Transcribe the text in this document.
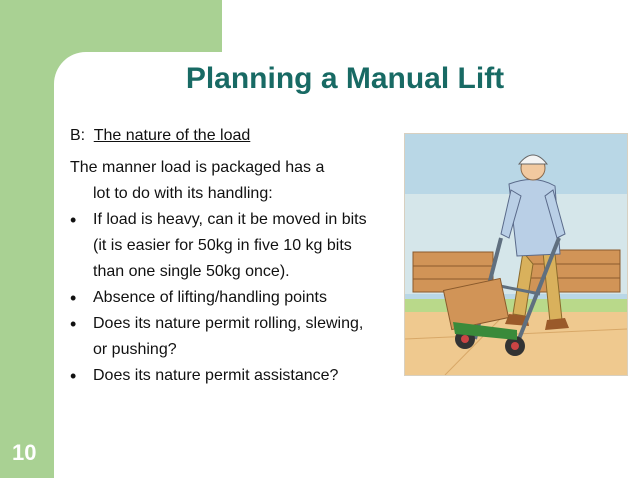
Planning a Manual Lift
B: The nature of the load
The manner load is packaged has a
lot to do with its handling:
• If load is heavy, can it be moved in bits (it is easier for 50kg in five 10 kg bits than one single 50kg once).
• Absence of lifting/handling points
• Does its nature permit rolling, slewing, or pushing?
• Does its nature permit assistance?
10
